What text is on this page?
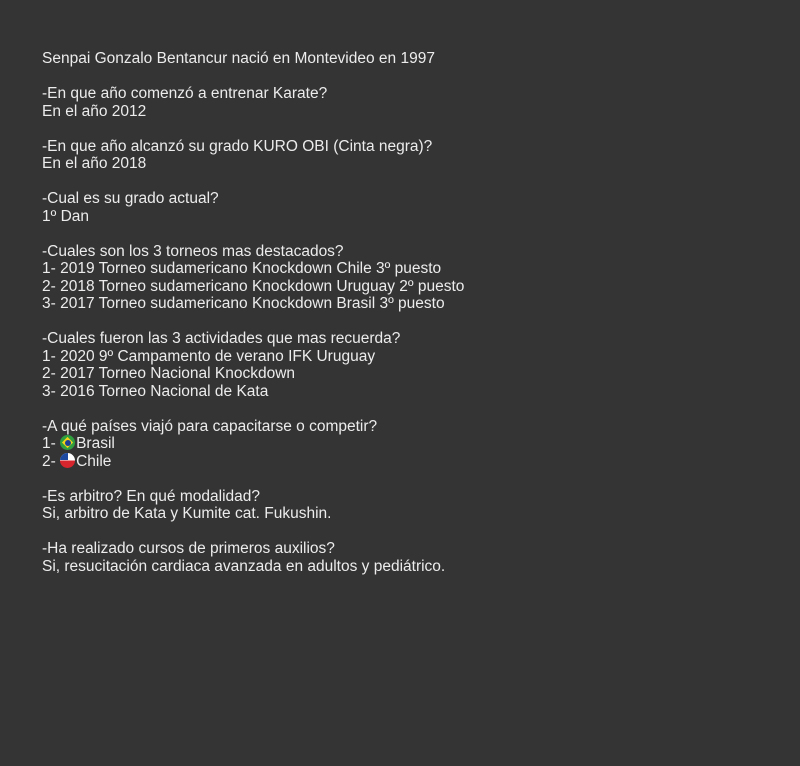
Senpai Gonzalo Bentancur nació en Montevideo en 1997
-En que año comenzó a entrenar Karate?
En el año 2012
-En que año alcanzó su grado KURO OBI (Cinta negra)?
En el año 2018
-Cual es su grado actual?
1º Dan
-Cuales son los 3 torneos mas destacados?
1- 2019 Torneo sudamericano Knockdown Chile 3º puesto
2- 2018 Torneo sudamericano Knockdown Uruguay 2º puesto
3- 2017 Torneo sudamericano Knockdown Brasil 3º puesto
-Cuales fueron las 3 actividades que mas recuerda?
1- 2020 9º Campamento de verano IFK Uruguay
2- 2017 Torneo Nacional Knockdown
3- 2016 Torneo Nacional de Kata
-A qué países viajó para capacitarse o competir?
1- Brasil
2- Chile
-Es arbitro? En qué modalidad?
Si, arbitro de Kata y Kumite cat. Fukushin.
-Ha realizado cursos de primeros auxilios?
Si, resucitación cardiaca avanzada en adultos y pediátrico.
